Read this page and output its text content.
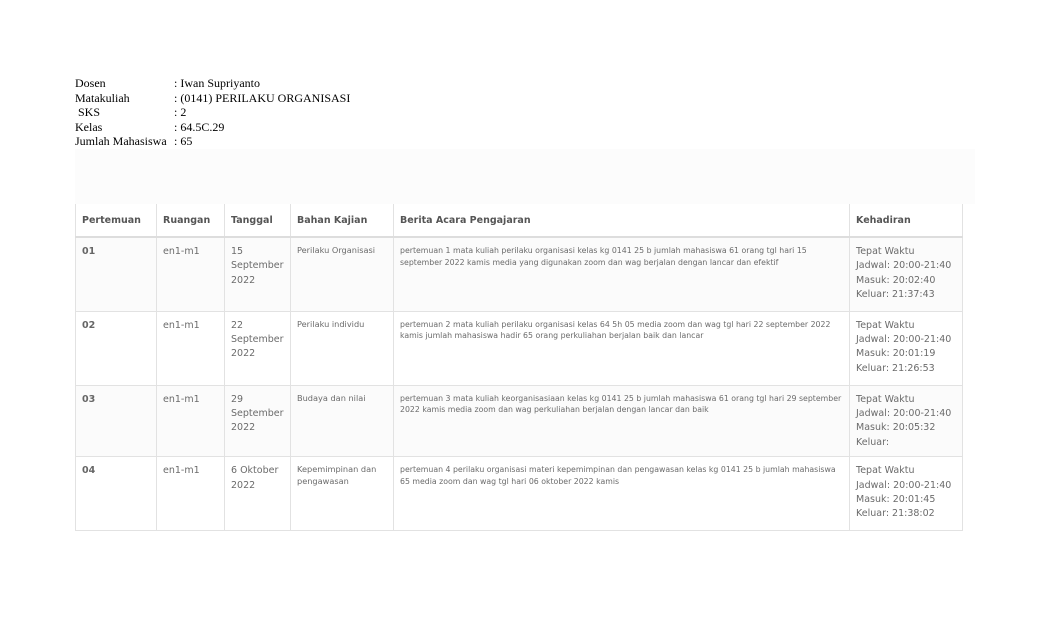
Dosen	: Iwan Supriyanto
Matakuliah	: (0141) PERILAKU ORGANISASI
SKS	: 2
Kelas	: 64.5C.29
Jumlah Mahasiswa : 65
Pertemuan	Ruangan	Tanggal	Bahan Kajian	Berita Acara Pengajaran	Kehadiran
01	en1-m1	15 September 2022	Perilaku Organisasi	pertemuan 1 mata kuliah perilaku organisasi kelas kg 0141 25 b jumlah mahasiswa 61 orang tgl hari 15 september 2022 kamis media yang digunakan zoom dan wag berjalan dengan lancar dan efektif	Tepat Waktu
Jadwal: 20:00-21:40
Masuk: 20:02:40
Keluar: 21:37:43

02	en1-m1	22 September 2022	Perilaku individu	pertemuan 2 mata kuliah perilaku organisasi kelas 64 5h 05 media zoom dan wag tgl hari 22 september 2022 kamis jumlah mahasiswa hadir 65 orang perkuliahan berjalan baik dan lancar	Tepat Waktu
Jadwal: 20:00-21:40
Masuk: 20:01:19
Keluar: 21:26:53

03	en1-m1	29 September 2022	Budaya dan nilai	pertemuan 3 mata kuliah keorganisasiaan kelas kg 0141 25 b jumlah mahasiswa 61 orang tgl hari 29 september 2022 kamis media zoom dan wag perkuliahan berjalan dengan lancar dan baik	Tepat Waktu
Jadwal: 20:00-21:40
Masuk: 20:05:32
Keluar:

04	en1-m1	6 Oktober 2022	Kepemimpinan dan pengawasan	pertemuan 4 perilaku organisasi materi kepemimpinan dan pengawasan kelas kg 0141 25 b jumlah mahasiswa 65 media zoom dan wag tgl hari 06 oktober 2022 kamis	Tepat Waktu
Jadwal: 20:00-21:40
Masuk: 20:01:45
Keluar: 21:38:02
